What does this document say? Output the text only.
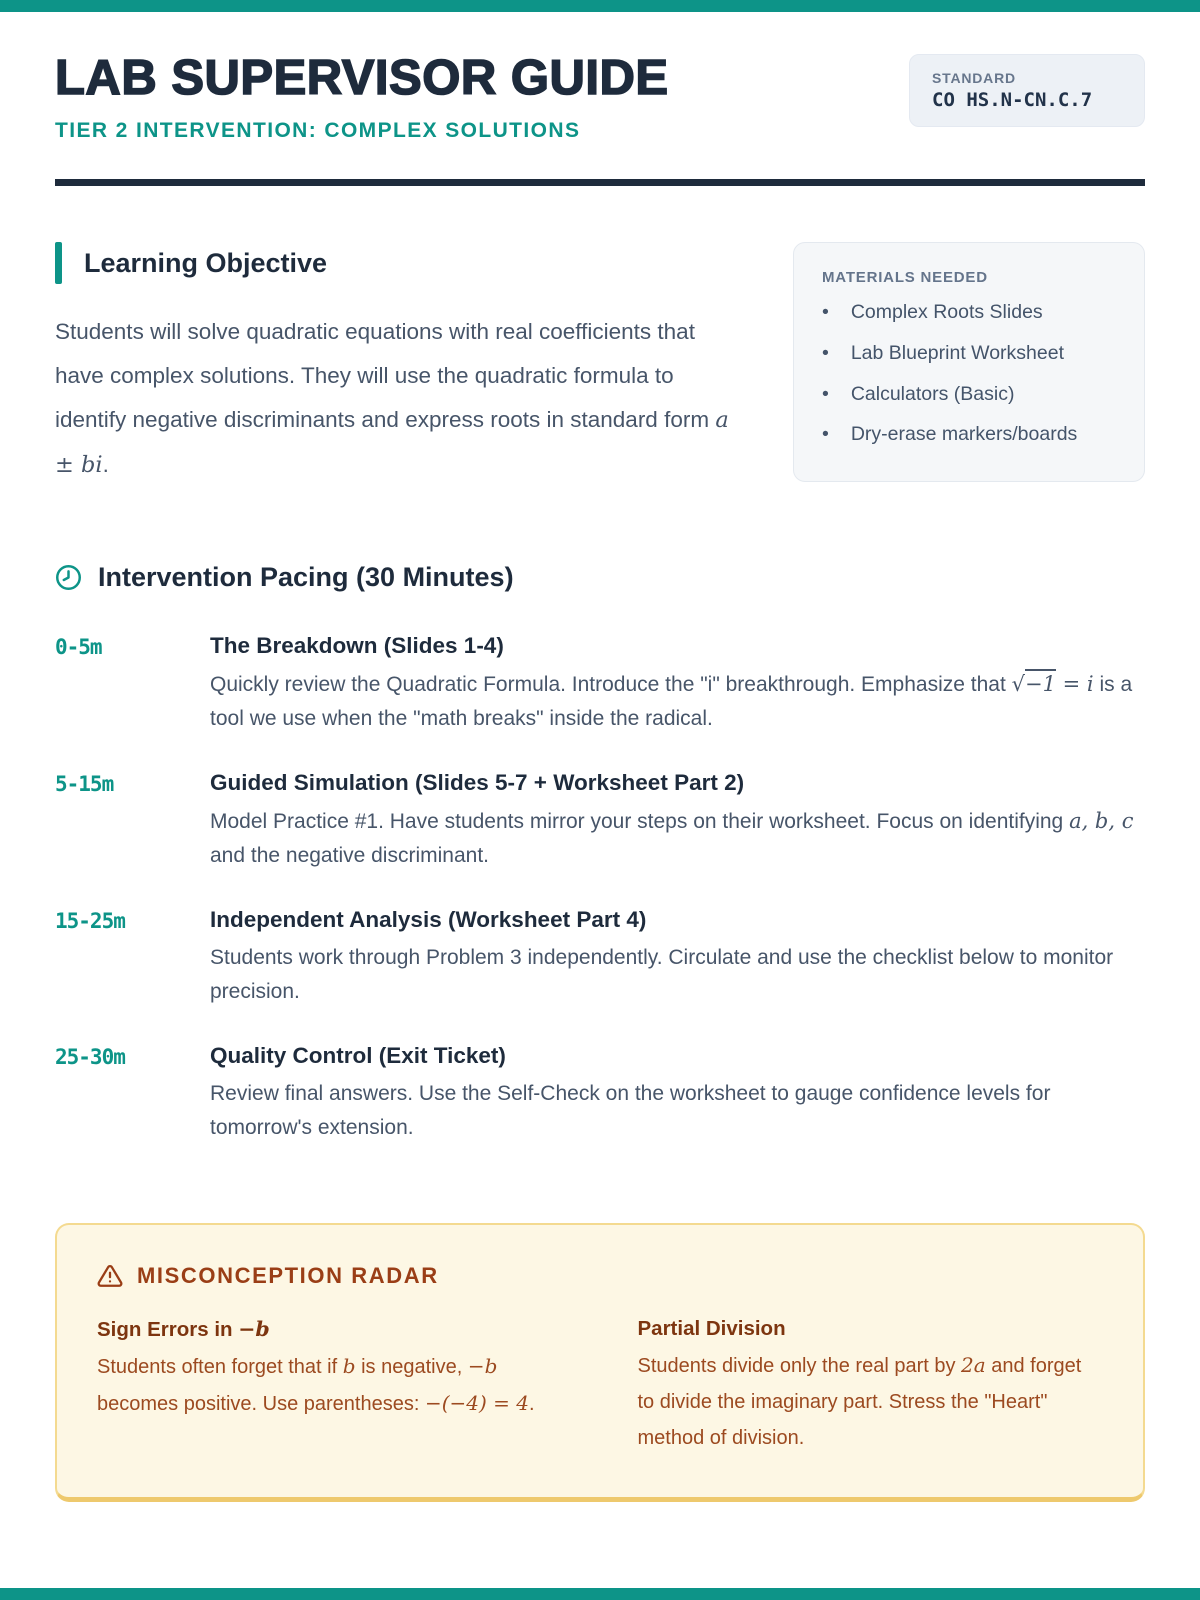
LAB SUPERVISOR GUIDE
TIER 2 INTERVENTION: COMPLEX SOLUTIONS
STANDARD
CO HS.N-CN.C.7
Learning Objective

Students will solve quadratic equations with real coefficients that have complex solutions. They will use the quadratic formula to identify negative discriminants and express roots in standard form a ± bi.

MATERIALS NEEDED
• Complex Roots Slides
• Lab Blueprint Worksheet
• Calculators (Basic)
• Dry-erase markers/boards
Intervention Pacing (30 Minutes)
0-5m	The Breakdown (Slides 1-4)
Quickly review the Quadratic Formula. Introduce the "i" breakthrough. Emphasize that √−1 = i is a tool we use when the "math breaks" inside the radical.
5-15m	Guided Simulation (Slides 5-7 + Worksheet Part 2)
Model Practice #1. Have students mirror your steps on their worksheet. Focus on identifying a, b, c and the negative discriminant.
15-25m	Independent Analysis (Worksheet Part 4)
Students work through Problem 3 independently. Circulate and use the checklist below to monitor precision.
25-30m	Quality Control (Exit Ticket)
Review final answers. Use the Self-Check on the worksheet to gauge confidence levels for tomorrow's extension.
MISCONCEPTION RADAR
Sign Errors in −b
Students often forget that if b is negative, −b becomes positive. Use parentheses: −(−4) = 4.
Partial Division
Students divide only the real part by 2a and forget to divide the imaginary part. Stress the "Heart" method of division.
